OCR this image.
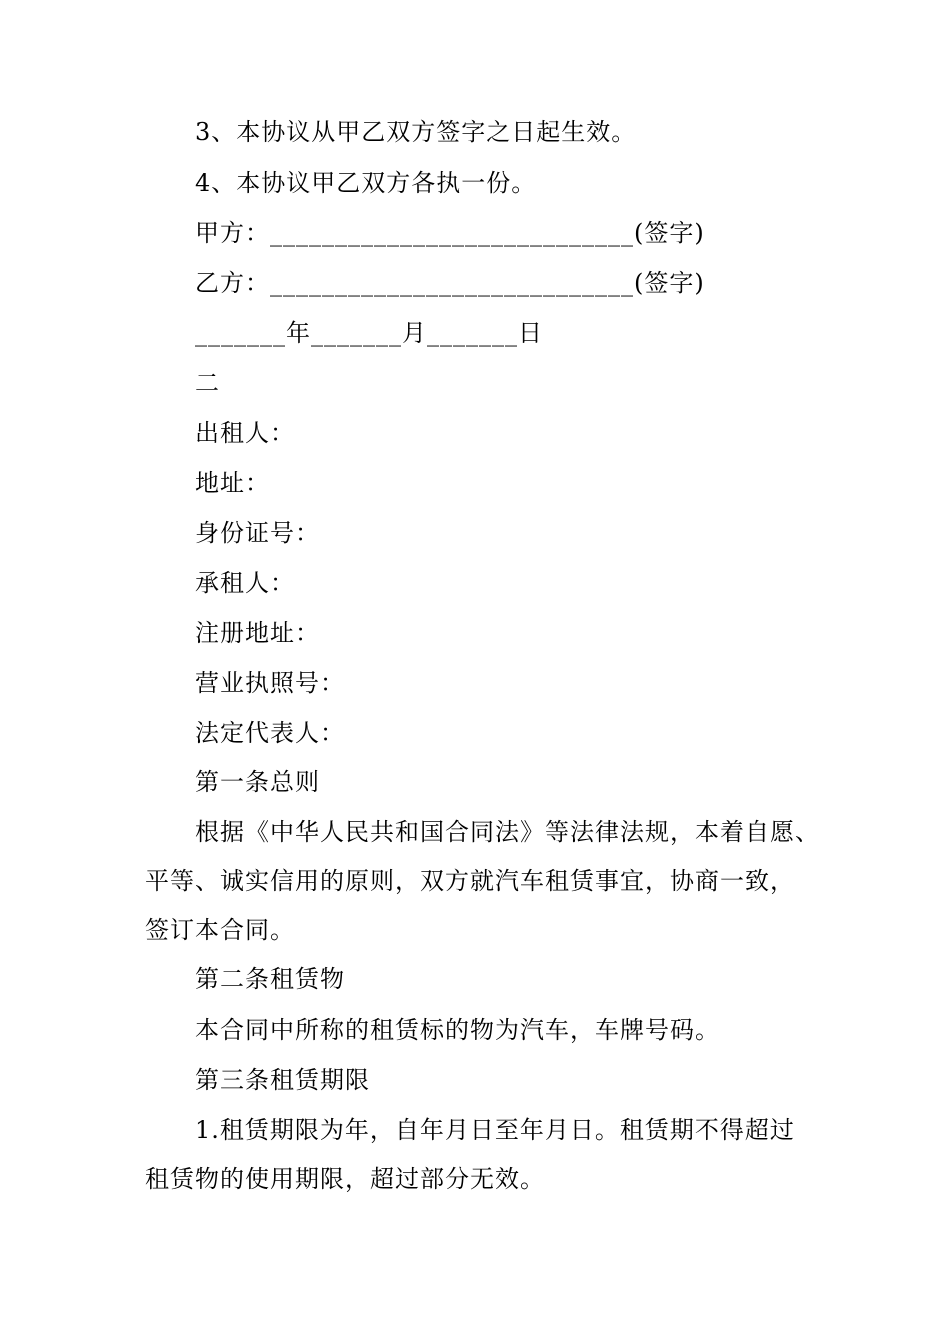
3、本协议从甲乙双方签字之日起生效。
4、本协议甲乙双方各执一份。
甲方：____________________________(签字)
乙方：____________________________(签字)
_______年_______月_______日
二
出租人：
地址：
身份证号：
承租人：
注册地址：
营业执照号：
法定代表人：
第一条总则
根据《中华人民共和国合同法》等法律法规，本着自愿、
平等、诚实信用的原则，双方就汽车租赁事宜，协商一致，
签订本合同。
第二条租赁物
本合同中所称的租赁标的物为汽车，车牌号码。
第三条租赁期限
1.租赁期限为年，自年月日至年月日。租赁期不得超过
租赁物的使用期限，超过部分无效。
